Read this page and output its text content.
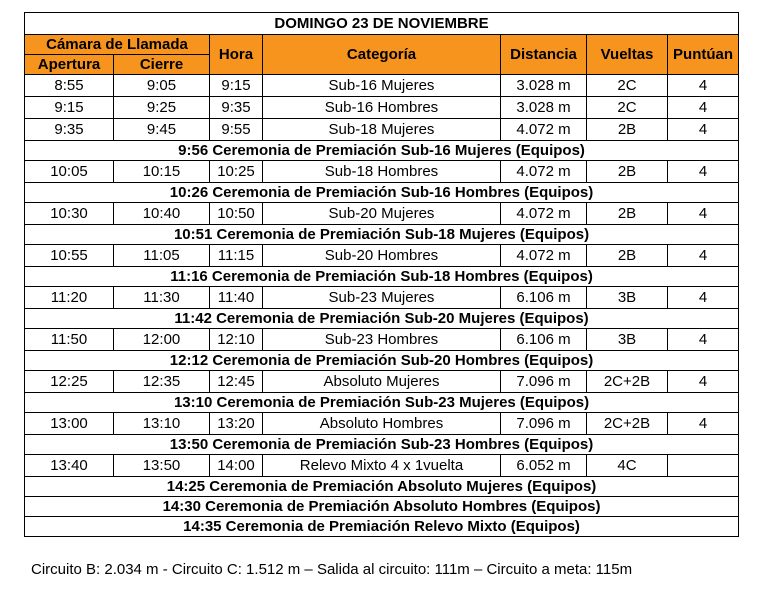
DOMINGO 23 DE NOVIEMBRE						
Cámara de Llamada		Hora	Categoría	Distancia	Vueltas	Puntúan
Apertura	Cierre					
8:55	9:05	9:15	Sub-16 Mujeres	3.028 m	2C	4
9:15	9:25	9:35	Sub-16 Hombres	3.028 m	2C	4
9:35	9:45	9:55	Sub-18 Mujeres	4.072 m	2B	4
9:56 Ceremonia de Premiación Sub-16 Mujeres (Equipos)						
10:05	10:15	10:25	Sub-18 Hombres	4.072 m	2B	4
10:26 Ceremonia de Premiación Sub-16 Hombres (Equipos)						
10:30	10:40	10:50	Sub-20 Mujeres	4.072 m	2B	4
10:51 Ceremonia de Premiación Sub-18 Mujeres (Equipos)						
10:55	11:05	11:15	Sub-20 Hombres	4.072 m	2B	4
11:16 Ceremonia de Premiación Sub-18 Hombres (Equipos)						
11:20	11:30	11:40	Sub-23 Mujeres	6.106 m	3B	4
11:42 Ceremonia de Premiación Sub-20 Mujeres (Equipos)						
11:50	12:00	12:10	Sub-23 Hombres	6.106 m	3B	4
12:12 Ceremonia de Premiación Sub-20 Hombres (Equipos)						
12:25	12:35	12:45	Absoluto Mujeres	7.096 m	2C+2B	4
13:10 Ceremonia de Premiación Sub-23 Mujeres (Equipos)						
13:00	13:10	13:20	Absoluto Hombres	7.096 m	2C+2B	4
13:50 Ceremonia de Premiación Sub-23 Hombres (Equipos)						
13:40	13:50	14:00	Relevo Mixto 4 x 1vuelta	6.052 m	4C	
14:25 Ceremonia de Premiación Absoluto Mujeres (Equipos)						
14:30 Ceremonia de Premiación Absoluto Hombres (Equipos)						
14:35 Ceremonia de Premiación Relevo Mixto (Equipos)						
Circuito B: 2.034 m - Circuito C: 1.512 m – Salida al circuito: 111m – Circuito a meta: 115m
